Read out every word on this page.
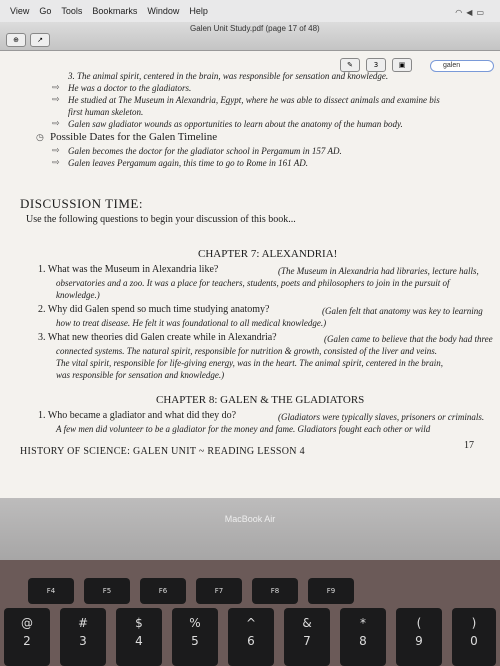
View Go Tools Bookmarks Window Help	◠◀▭
Galen Unit Study.pdf (page 17 of 48)
⊕	↗
✎	3	▣	galen
3. The animal spirit, centered in the brain, was responsible for sensation and knowledge.
⇨ He was a doctor to the gladiators.
⇨ He studied at The Museum in Alexandria, Egypt, where he was able to dissect animals and examine bis
first human skeleton.
⇨ Galen saw gladiator wounds as opportunities to learn about the anatomy of the human body.
◷ Possible Dates for the Galen Timeline
⇨ Galen becomes the doctor for the gladiator school in Pergamum in 157 AD.
⇨ Galen leaves Pergamum again, this time to go to Rome in 161 AD.
DISCUSSION TIME:
Use the following questions to begin your discussion of this book...
CHAPTER 7: ALEXANDRIA!
1. What was the Museum in Alexandria like?	(The Museum in Alexandria had libraries, lecture halls,
observatories and a zoo. It was a place for teachers, students, poets and philosophers to join in the pursuit of
knowledge.)
2. Why did Galen spend so much time studying anatomy?	(Galen felt that anatomy was key to learning
how to treat disease. He felt it was foundational to all medical knowledge.)
3. What new theories did Galen create while in Alexandria?	(Galen came to believe that the body had three
connected systems. The natural spirit, responsible for nutrition & growth, consisted of the liver and veins.
The vital spirit, responsible for life-giving energy, was in the heart. The animal spirit, centered in the brain,
was responsible for sensation and knowledge.)
CHAPTER 8: GALEN & THE GLADIATORS
1. Who became a gladiator and what did they do?	(Gladiators were typically slaves, prisoners or criminals.
A few men did volunteer to be a gladiator for the money and fame. Gladiators fought each other or wild
HISTORY OF SCIENCE: GALEN UNIT ~ READING LESSON 4
17
MacBook Air
F4	F5	F6	F7	F8	F9
@
2
#
3
$
4
%
5
^
6
&
7
*
8
(
9
)
0
